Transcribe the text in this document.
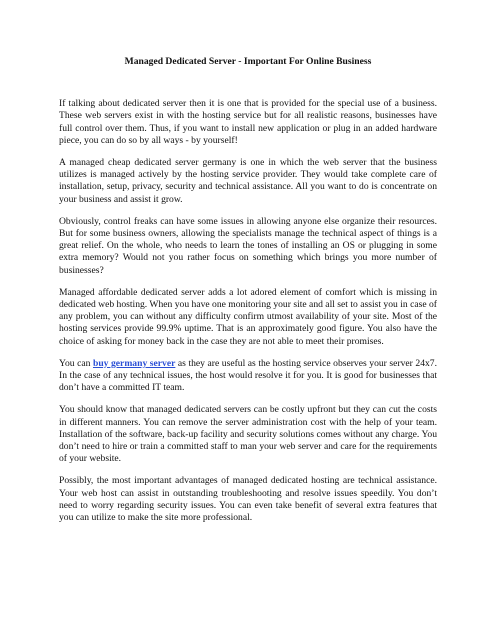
Managed Dedicated Server - Important For Online Business

If talking about dedicated server then it is one that is provided for the special use of a business. These web servers exist in with the hosting service but for all realistic reasons, businesses have full control over them. Thus, if you want to install new application or plug in an added hardware piece, you can do so by all ways - by yourself!

A managed cheap dedicated server germany is one in which the web server that the business utilizes is managed actively by the hosting service provider. They would take complete care of installation, setup, privacy, security and technical assistance. All you want to do is concentrate on your business and assist it grow.

Obviously, control freaks can have some issues in allowing anyone else organize their resources. But for some business owners, allowing the specialists manage the technical aspect of things is a great relief. On the whole, who needs to learn the tones of installing an OS or plugging in some extra memory? Would not you rather focus on something which brings you more number of businesses?

Managed affordable dedicated server adds a lot adored element of comfort which is missing in dedicated web hosting. When you have one monitoring your site and all set to assist you in case of any problem, you can without any difficulty confirm utmost availability of your site. Most of the hosting services provide 99.9% uptime. That is an approximately good figure. You also have the choice of asking for money back in the case they are not able to meet their promises.

You can buy germany server as they are useful as the hosting service observes your server 24x7. In the case of any technical issues, the host would resolve it for you. It is good for businesses that don’t have a committed IT team.

You should know that managed dedicated servers can be costly upfront but they can cut the costs in different manners. You can remove the server administration cost with the help of your team. Installation of the software, back-up facility and security solutions comes without any charge. You don’t need to hire or train a committed staff to man your web server and care for the requirements of your website.

Possibly, the most important advantages of managed dedicated hosting are technical assistance. Your web host can assist in outstanding troubleshooting and resolve issues speedily. You don’t need to worry regarding security issues. You can even take benefit of several extra features that you can utilize to make the site more professional.
